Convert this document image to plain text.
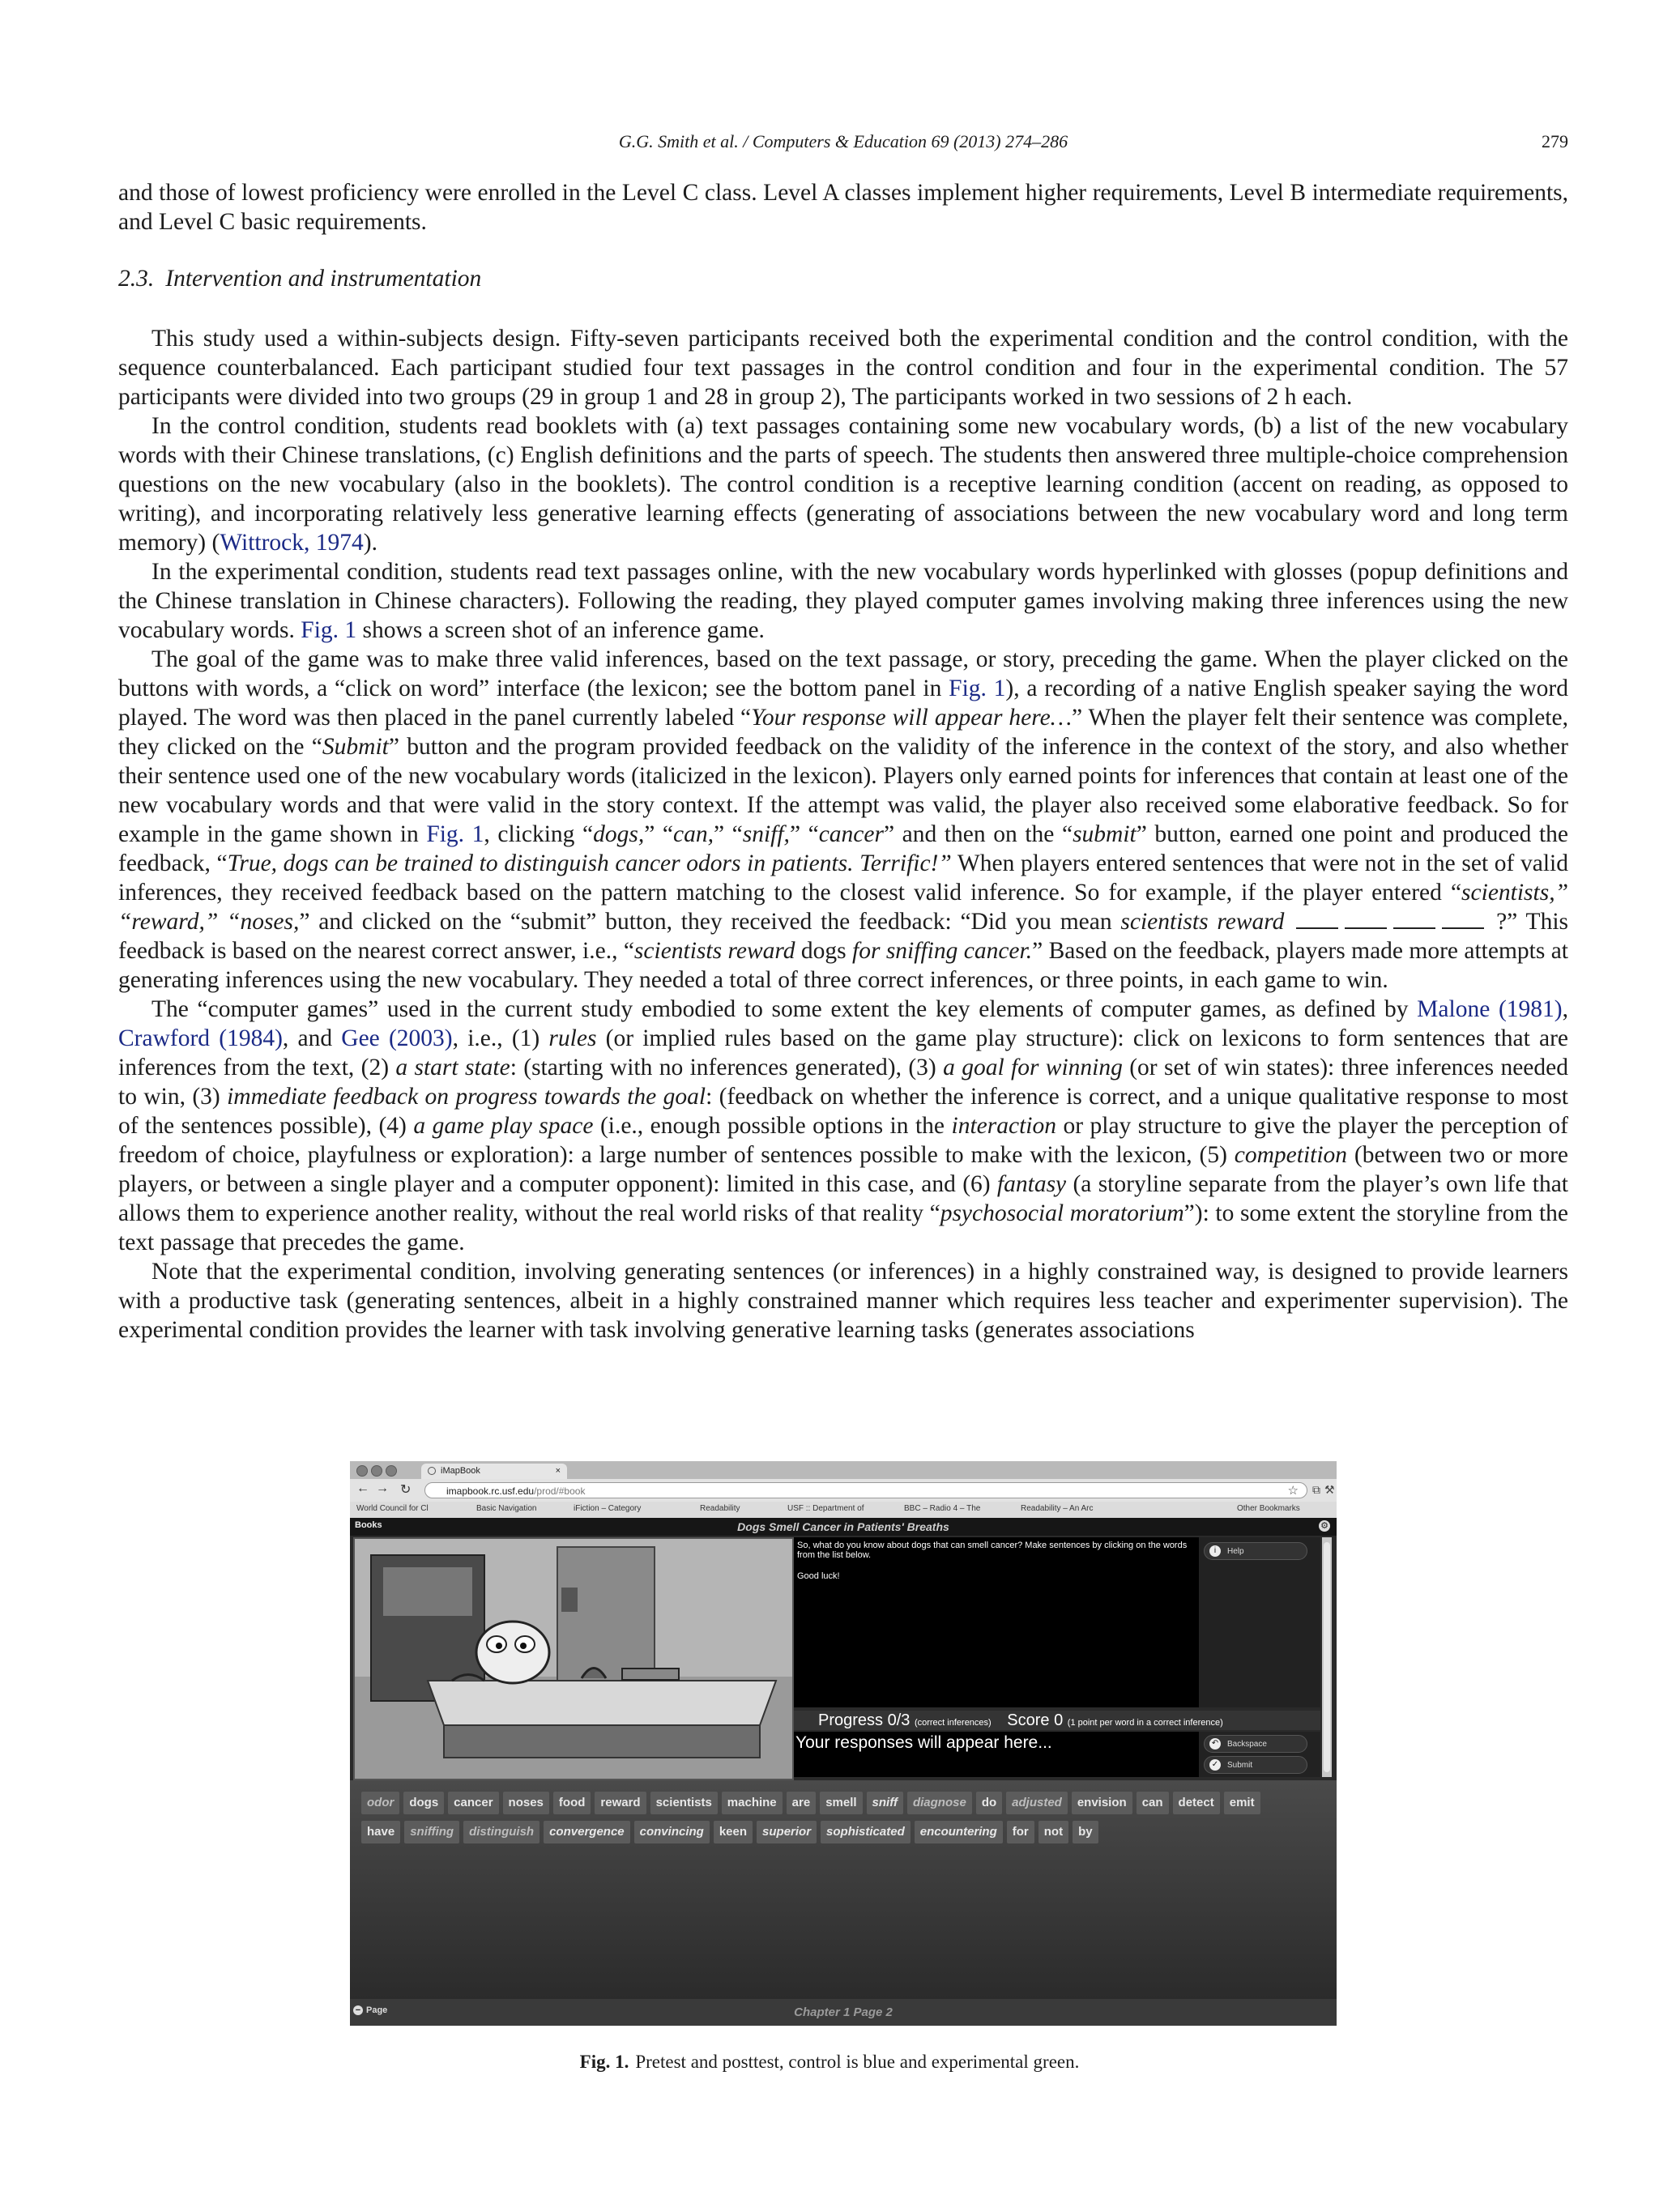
G.G. Smith et al. / Computers & Education 69 (2013) 274–286	279

and those of lowest proficiency were enrolled in the Level C class. Level A classes implement higher requirements, Level B intermediate requirements, and Level C basic requirements.

2.3. Intervention and instrumentation

This study used a within-subjects design. Fifty-seven participants received both the experimental condition and the control condition, with the sequence counterbalanced. Each participant studied four text passages in the control condition and four in the experimental condition. The 57 participants were divided into two groups (29 in group 1 and 28 in group 2), The participants worked in two sessions of 2 h each.

In the control condition, students read booklets with (a) text passages containing some new vocabulary words, (b) a list of the new vocabulary words with their Chinese translations, (c) English definitions and the parts of speech. The students then answered three multiple-choice comprehension questions on the new vocabulary (also in the booklets). The control condition is a receptive learning condition (accent on reading, as opposed to writing), and incorporating relatively less generative learning effects (generating of associations between the new vocabulary word and long term memory) (Wittrock, 1974).

In the experimental condition, students read text passages online, with the new vocabulary words hyperlinked with glosses (popup definitions and the Chinese translation in Chinese characters). Following the reading, they played computer games involving making three inferences using the new vocabulary words. Fig. 1 shows a screen shot of an inference game.

The goal of the game was to make three valid inferences, based on the text passage, or story, preceding the game. When the player clicked on the buttons with words, a “click on word” interface (the lexicon; see the bottom panel in Fig. 1), a recording of a native English speaker saying the word played. The word was then placed in the panel currently labeled “Your response will appear here…” When the player felt their sentence was complete, they clicked on the “Submit” button and the program provided feedback on the validity of the inference in the context of the story, and also whether their sentence used one of the new vocabulary words (italicized in the lexicon). Players only earned points for inferences that contain at least one of the new vocabulary words and that were valid in the story context. If the attempt was valid, the player also received some elaborative feedback. So for example in the game shown in Fig. 1, clicking “dogs,” “can,” “sniff,” “cancer” and then on the “submit” button, earned one point and produced the feedback, “True, dogs can be trained to distinguish cancer odors in patients. Terrific!” When players entered sentences that were not in the set of valid inferences, they received feedback based on the pattern matching to the closest valid inference. So for example, if the player entered “scientists,” “reward,” “noses,” and clicked on the “submit” button, they received the feedback: “Did you mean scientists reward	?” This feedback is based on the nearest correct answer, i.e., “scientists reward dogs for sniffing cancer.” Based on the feedback, players made more attempts at generating inferences using the new vocabulary. They needed a total of three correct inferences, or three points, in each game to win.

The “computer games” used in the current study embodied to some extent the key elements of computer games, as defined by Malone (1981), Crawford (1984), and Gee (2003), i.e., (1) rules (or implied rules based on the game play structure): click on lexicons to form sentences that are inferences from the text, (2) a start state: (starting with no inferences generated), (3) a goal for winning (or set of win states): three inferences needed to win, (3) immediate feedback on progress towards the goal: (feedback on whether the inference is correct, and a unique qualitative response to most of the sentences possible), (4) a game play space (i.e., enough possible options in the interaction or play structure to give the player the perception of freedom of choice, playfulness or exploration): a large number of sentences possible to make with the lexicon, (5) competition (between two or more players, or between a single player and a computer opponent): limited in this case, and (6) fantasy (a storyline separate from the player’s own life that allows them to experience another reality, without the real world risks of that reality “psychosocial moratorium”): to some extent the storyline from the text passage that precedes the game.

Note that the experimental condition, involving generating sentences (or inferences) in a highly constrained way, is designed to provide learners with a productive task (generating sentences, albeit in a highly constrained manner which requires less teacher and experimenter supervision). The experimental condition provides the learner with task involving generative learning tasks (generates associations

iMapBook	×
← → ↻	imapbook.rc.usf.edu/prod/#book	☆ ⧉ ⚒
World Council for Cl	Basic Navigation	iFiction – Category	Readability	USF :: Department of	BBC – Radio 4 – The	Readability – An Arc	Other Bookmarks
Books	Dogs Smell Cancer in Patients' Breaths	⚙

So, what do you know about dogs that can smell cancer? Make sentences by clicking on the words from the list below.

Good luck!

i Help
Progress 0/3 (correct inferences) Score 0 (1 point per word in a correct inference)
Your responses will appear here...	↶ Backspace
✓ Submit
odor	dogs	cancer	noses	food	reward	scientists	machine	are	smell	sniff	diagnose	do	adjusted	envision	can	detect	emit
have	sniffing	distinguish	convergence	convincing	keen	superior	sophisticated	encountering	for	not	by
− Page	Chapter 1 Page 2
Fig. 1. Pretest and posttest, control is blue and experimental green.
